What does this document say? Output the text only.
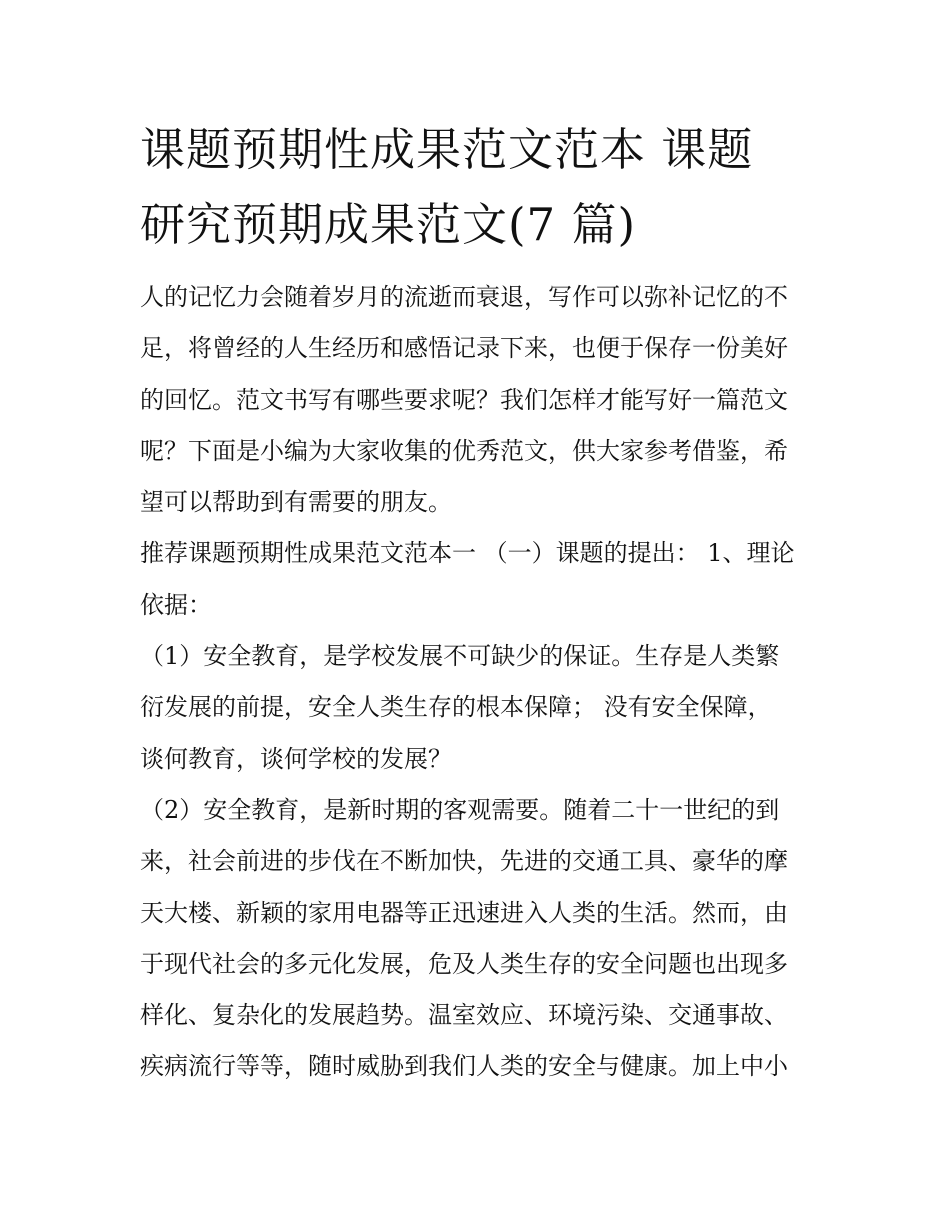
课题预期性成果范文范本 课题
研究预期成果范文(7 篇)
人的记忆力会随着岁月的流逝而衰退，写作可以弥补记忆的不
足，将曾经的人生经历和感悟记录下来，也便于保存一份美好
的回忆。范文书写有哪些要求呢？我们怎样才能写好一篇范文
呢？下面是小编为大家收集的优秀范文，供大家参考借鉴，希
望可以帮助到有需要的朋友。
推荐课题预期性成果范文范本一 （一）课题的提出： 1、理论
依据：
（1）安全教育，是学校发展不可缺少的保证。生存是人类繁
衍发展的前提，安全人类生存的根本保障； 没有安全保障，
谈何教育，谈何学校的发展？
（2）安全教育，是新时期的客观需要。随着二十一世纪的到
来，社会前进的步伐在不断加快，先进的交通工具、豪华的摩
天大楼、新颖的家用电器等正迅速进入人类的生活。然而，由
于现代社会的多元化发展，危及人类生存的安全问题也出现多
样化、复杂化的发展趋势。温室效应、环境污染、交通事故、
疾病流行等等，随时威胁到我们人类的安全与健康。加上中小
